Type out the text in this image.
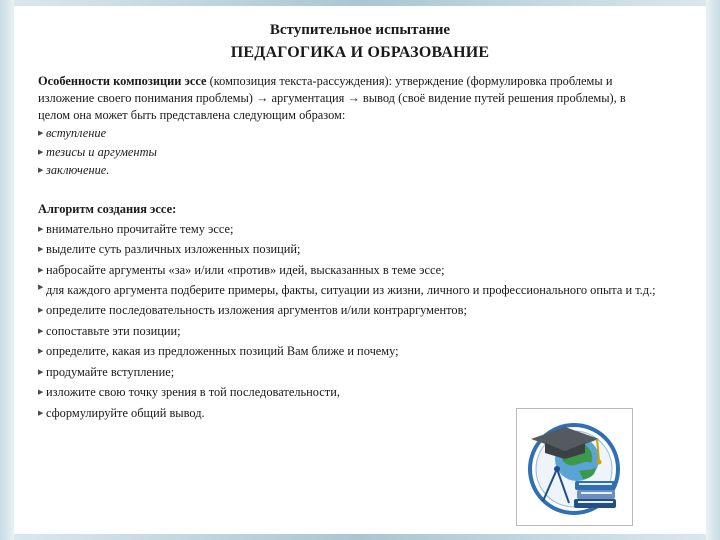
Вступительное испытание
ПЕДАГОГИКА И ОБРАЗОВАНИЕ

Особенности композиции эссе (композиция текста-рассуждения): утверждение (формулировка проблемы и изложение своего понимания проблемы) → аргументация → вывод (своё видение путей решения проблемы), в целом она может быть представлена следующим образом:

▶ вступление
▶ тезисы и аргументы
▶ заключение.

Алгоритм создания эссе:

▶ внимательно прочитайте тему эссе;
▶ выделите суть различных изложенных позиций;
▶ набросайте аргументы «за» и/или «против» идей, высказанных в теме эссе;
▶ для каждого аргумента подберите примеры, факты, ситуации из жизни, личного и профессионального опыта и т.д.;
▶ определите последовательность изложения аргументов и/или контраргументов;
▶ сопоставьте эти позиции;
▶ определите, какая из предложенных позиций Вам ближе и почему;
▶ продумайте вступление;
▶ изложите свою точку зрения в той последовательности,
▶ сформулируйте общий вывод.
